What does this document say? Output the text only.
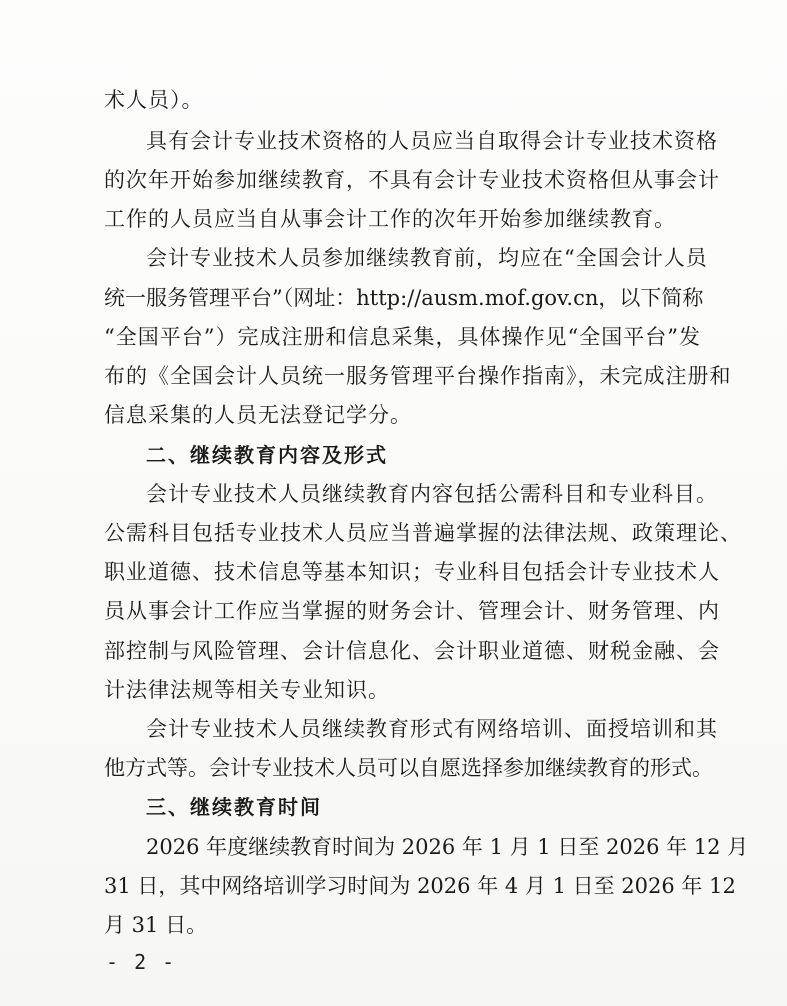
术人员）。
具有会计专业技术资格的人员应当自取得会计专业技术资格
的次年开始参加继续教育，不具有会计专业技术资格但从事会计
工作的人员应当自从事会计工作的次年开始参加继续教育。
会计专业技术人员参加继续教育前，均应在“全国会计人员
统一服务管理平台”（网址：http://ausm.mof.gov.cn，以下简称
“全国平台”）完成注册和信息采集，具体操作见“全国平台”发
布的《全国会计人员统一服务管理平台操作指南》，未完成注册和
信息采集的人员无法登记学分。
二、继续教育内容及形式
会计专业技术人员继续教育内容包括公需科目和专业科目。
公需科目包括专业技术人员应当普遍掌握的法律法规、政策理论、
职业道德、技术信息等基本知识；专业科目包括会计专业技术人
员从事会计工作应当掌握的财务会计、管理会计、财务管理、内
部控制与风险管理、会计信息化、会计职业道德、财税金融、会
计法律法规等相关专业知识。
会计专业技术人员继续教育形式有网络培训、面授培训和其
他方式等。会计专业技术人员可以自愿选择参加继续教育的形式。
三、继续教育时间
2026 年度继续教育时间为 2026 年 1 月 1 日至 2026 年 12 月
31 日，其中网络培训学习时间为 2026 年 4 月 1 日至 2026 年 12
月 31 日。
- 2 -
